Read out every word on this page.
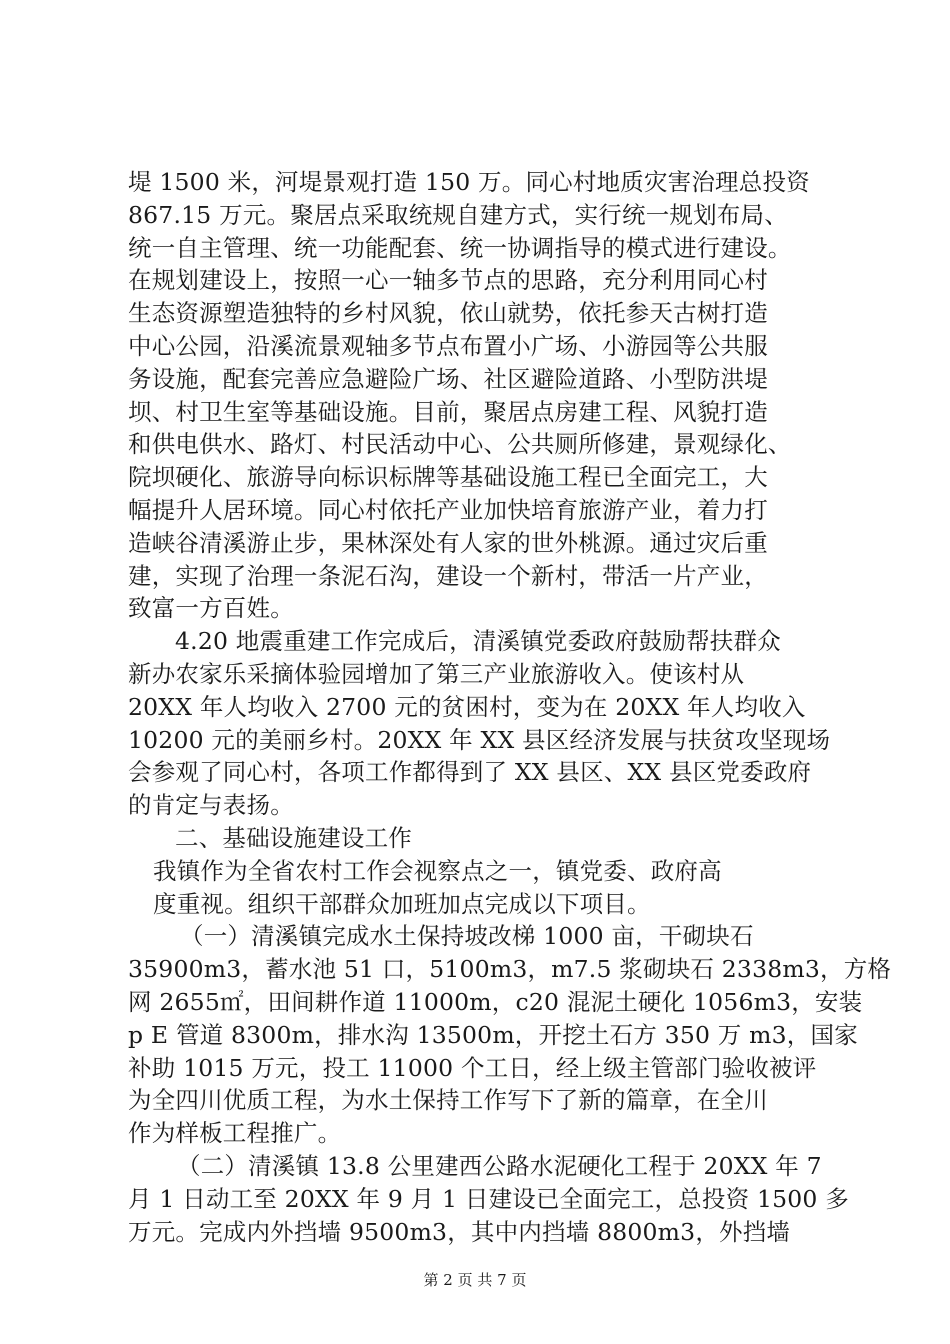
堤 1500 米，河堤景观打造 150 万。同心村地质灾害治理总投资
867.15 万元。聚居点采取统规自建方式，实行统一规划布局、
统一自主管理、统一功能配套、统一协调指导的模式进行建设。
在规划建设上，按照一心一轴多节点的思路，充分利用同心村
生态资源塑造独特的乡村风貌，依山就势，依托参天古树打造
中心公园，沿溪流景观轴多节点布置小广场、小游园等公共服
务设施，配套完善应急避险广场、社区避险道路、小型防洪堤
坝、村卫生室等基础设施。目前，聚居点房建工程、风貌打造
和供电供水、路灯、村民活动中心、公共厕所修建，景观绿化、
院坝硬化、旅游导向标识标牌等基础设施工程已全面完工，大
幅提升人居环境。同心村依托产业加快培育旅游产业，着力打
造峡谷清溪游止步，果林深处有人家的世外桃源。通过灾后重
建，实现了治理一条泥石沟，建设一个新村，带活一片产业，
致富一方百姓。
4.20 地震重建工作完成后，清溪镇党委政府鼓励帮扶群众
新办农家乐采摘体验园增加了第三产业旅游收入。使该村从
20XX 年人均收入 2700 元的贫困村，变为在 20XX 年人均收入
10200 元的美丽乡村。20XX 年 XX 县区经济发展与扶贫攻坚现场
会参观了同心村，各项工作都得到了 XX 县区、XX 县区党委政府
的肯定与表扬。
二、基础设施建设工作
我镇作为全省农村工作会视察点之一，镇党委、政府高
度重视。组织干部群众加班加点完成以下项目。
（一）清溪镇完成水土保持坡改梯 1000 亩，干砌块石
35900m3，蓄水池 51 口，5100m3，m7.5 浆砌块石 2338m3，方格
网 2655㎡，田间耕作道 11000m，c20 混泥土硬化 1056m3，安装
p E 管道 8300m，排水沟 13500m，开挖土石方 350 万 m3，国家
补助 1015 万元，投工 11000 个工日，经上级主管部门验收被评
为全四川优质工程，为水土保持工作写下了新的篇章，在全川
作为样板工程推广。
（二）清溪镇 13.8 公里建西公路水泥硬化工程于 20XX 年 7
月 1 日动工至 20XX 年 9 月 1 日建设已全面完工，总投资 1500 多
万元。完成内外挡墙 9500m3，其中内挡墙 8800m3，外挡墙
第 2 页 共 7 页
